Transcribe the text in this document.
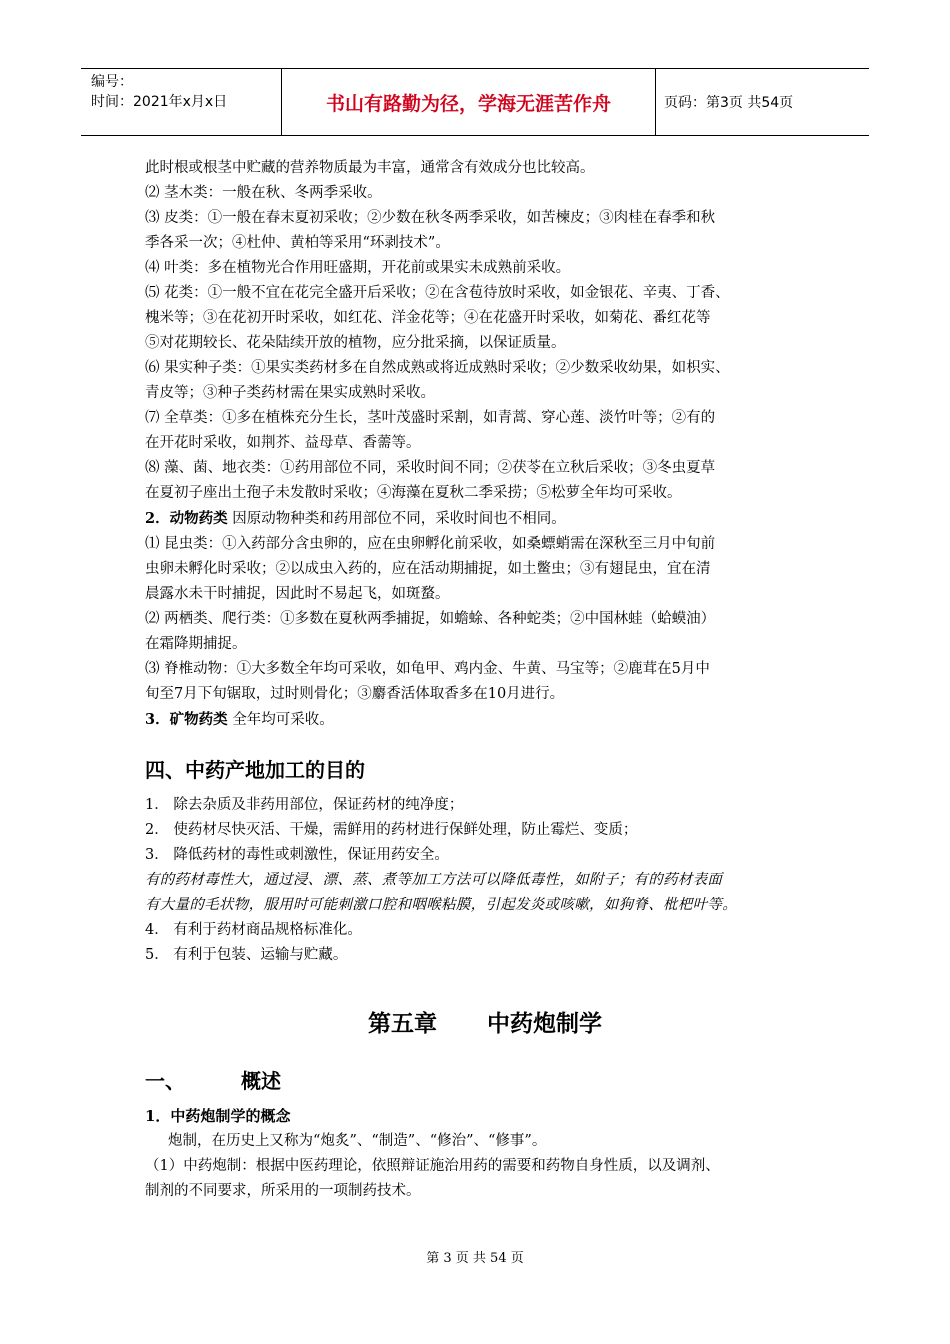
编号：
时间：2021年x月x日	书山有路勤为径，学海无涯苦作舟	页码：第3页 共54页

此时根或根茎中贮藏的营养物质最为丰富，通常含有效成分也比较高。

⑵ 茎木类：一般在秋、冬两季采收。

⑶ 皮类：①一般在春末夏初采收；②少数在秋冬两季采收，如苦楝皮；③肉桂在春季和秋

季各采一次；④杜仲、黄柏等采用“环剥技术”。

⑷ 叶类：多在植物光合作用旺盛期，开花前或果实未成熟前采收。

⑸ 花类：①一般不宜在花完全盛开后采收；②在含苞待放时采收，如金银花、辛夷、丁香、

槐米等；③在花初开时采收，如红花、洋金花等；④在花盛开时采收，如菊花、番红花等

⑤对花期较长、花朵陆续开放的植物，应分批采摘，以保证质量。

⑹ 果实种子类：①果实类药材多在自然成熟或将近成熟时采收；②少数采收幼果，如枳实、

青皮等；③种子类药材需在果实成熟时采收。

⑺ 全草类：①多在植株充分生长，茎叶茂盛时采割，如青蒿、穿心莲、淡竹叶等；②有的

在开花时采收，如荆芥、益母草、香薷等。

⑻ 藻、菌、地衣类：①药用部位不同，采收时间不同；②茯苓在立秋后采收；③冬虫夏草

在夏初子座出土孢子未发散时采收；④海藻在夏秋二季采捞；⑤松萝全年均可采收。

2．动物药类 因原动物种类和药用部位不同，采收时间也不相同。

⑴ 昆虫类：①入药部分含虫卵的，应在虫卵孵化前采收，如桑螵蛸需在深秋至三月中旬前

虫卵未孵化时采收；②以成虫入药的，应在活动期捕捉，如土鳖虫；③有翅昆虫，宜在清

晨露水未干时捕捉，因此时不易起飞，如斑蝥。

⑵ 两栖类、爬行类：①多数在夏秋两季捕捉，如蟾蜍、各种蛇类；②中国林蛙（蛤蟆油）

在霜降期捕捉。

⑶ 脊椎动物：①大多数全年均可采收，如龟甲、鸡内金、牛黄、马宝等；②鹿茸在5月中

旬至7月下旬锯取，过时则骨化；③麝香活体取香多在10月进行。

3．矿物药类 全年均可采收。

四、中药产地加工的目的

1． 除去杂质及非药用部位，保证药材的纯净度；

2． 使药材尽快灭活、干燥，需鲜用的药材进行保鲜处理，防止霉烂、变质；

3． 降低药材的毒性或刺激性，保证用药安全。

有的药材毒性大，通过浸、漂、蒸、煮等加工方法可以降低毒性，如附子；有的药材表面

有大量的毛状物，服用时可能刺激口腔和咽喉粘膜，引起发炎或咳嗽，如狗脊、枇杷叶等。

4． 有利于药材商品规格标准化。

5． 有利于包装、运输与贮藏。

第五章 中药炮制学

一、	概述

1．中药炮制学的概念

炮制，在历史上又称为“炮炙”、“制造”、“修治”、“修事”。

（1）中药炮制：根据中医药理论，依照辩证施治用药的需要和药物自身性质，以及调剂、

制剂的不同要求，所采用的一项制药技术。

第 3 页 共 54 页
